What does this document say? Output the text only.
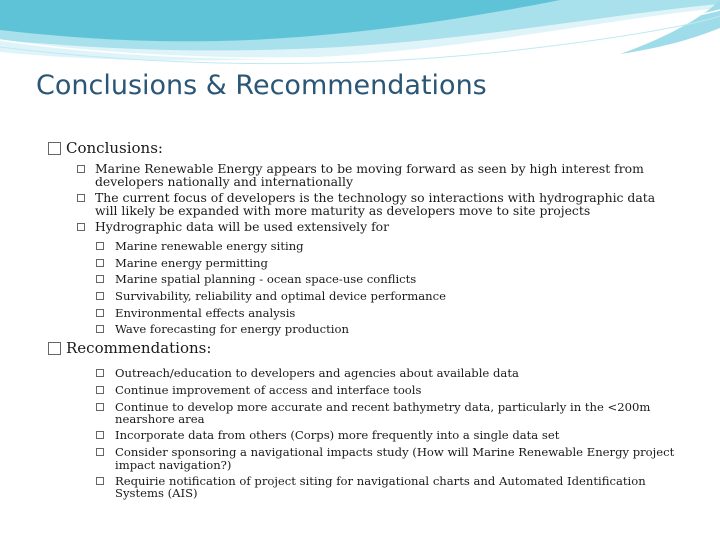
Conclusions & Recommendations
Conclusions:
Marine Renewable Energy appears to be moving forward as seen by high interest from developers nationally and internationally
The current focus of developers is the technology so interactions with hydrographic data will likely be expanded with more maturity as developers move to site projects
Hydrographic data will be used extensively for
Marine renewable energy siting
Marine energy permitting
Marine spatial planning - ocean space-use conflicts
Survivability, reliability and optimal device performance
Environmental effects analysis
Wave forecasting for energy production
Recommendations:
Outreach/education to developers and agencies about available data
Continue improvement of access and interface tools
Continue to develop more accurate and recent bathymetry data, particularly in the <200m nearshore area
Incorporate data from others (Corps) more frequently into a single data set
Consider sponsoring a navigational impacts study (How will Marine Renewable Energy project impact navigation?)
Requirie notification of project siting for navigational charts and Automated Identification Systems (AIS)
